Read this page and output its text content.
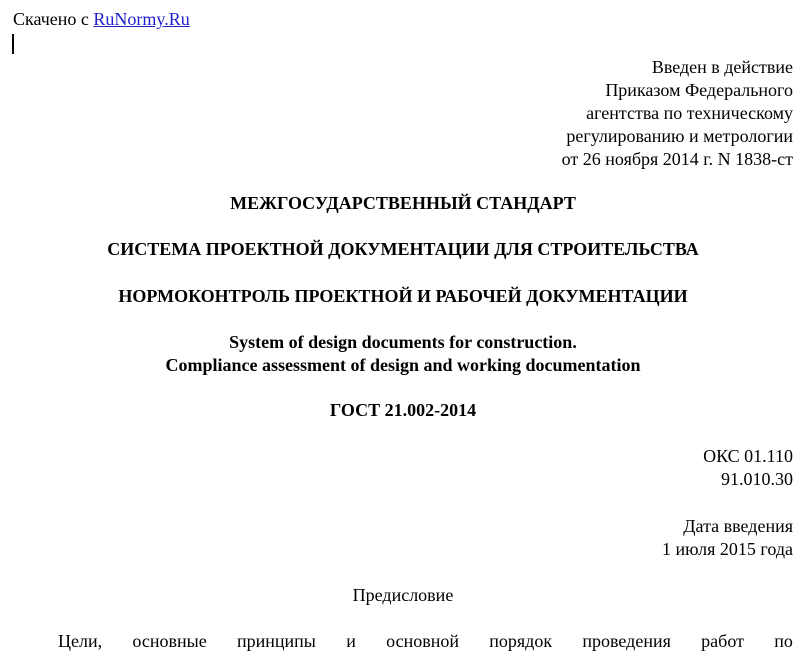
Скачено с RuNormy.Ru
Введен в действие
Приказом Федерального
агентства по техническому
регулированию и метрологии
от 26 ноября 2014 г. N 1838-ст
МЕЖГОСУДАРСТВЕННЫЙ СТАНДАРТ
СИСТЕМА ПРОЕКТНОЙ ДОКУМЕНТАЦИИ ДЛЯ СТРОИТЕЛЬСТВА
НОРМОКОНТРОЛЬ ПРОЕКТНОЙ И РАБОЧЕЙ ДОКУМЕНТАЦИИ
System of design documents for construction.
Compliance assessment of design and working documentation
ГОСТ 21.002-2014
ОКС 01.110
91.010.30
Дата введения
1 июля 2015 года
Предисловие
Цели, основные принципы и основной порядок проведения работ по
